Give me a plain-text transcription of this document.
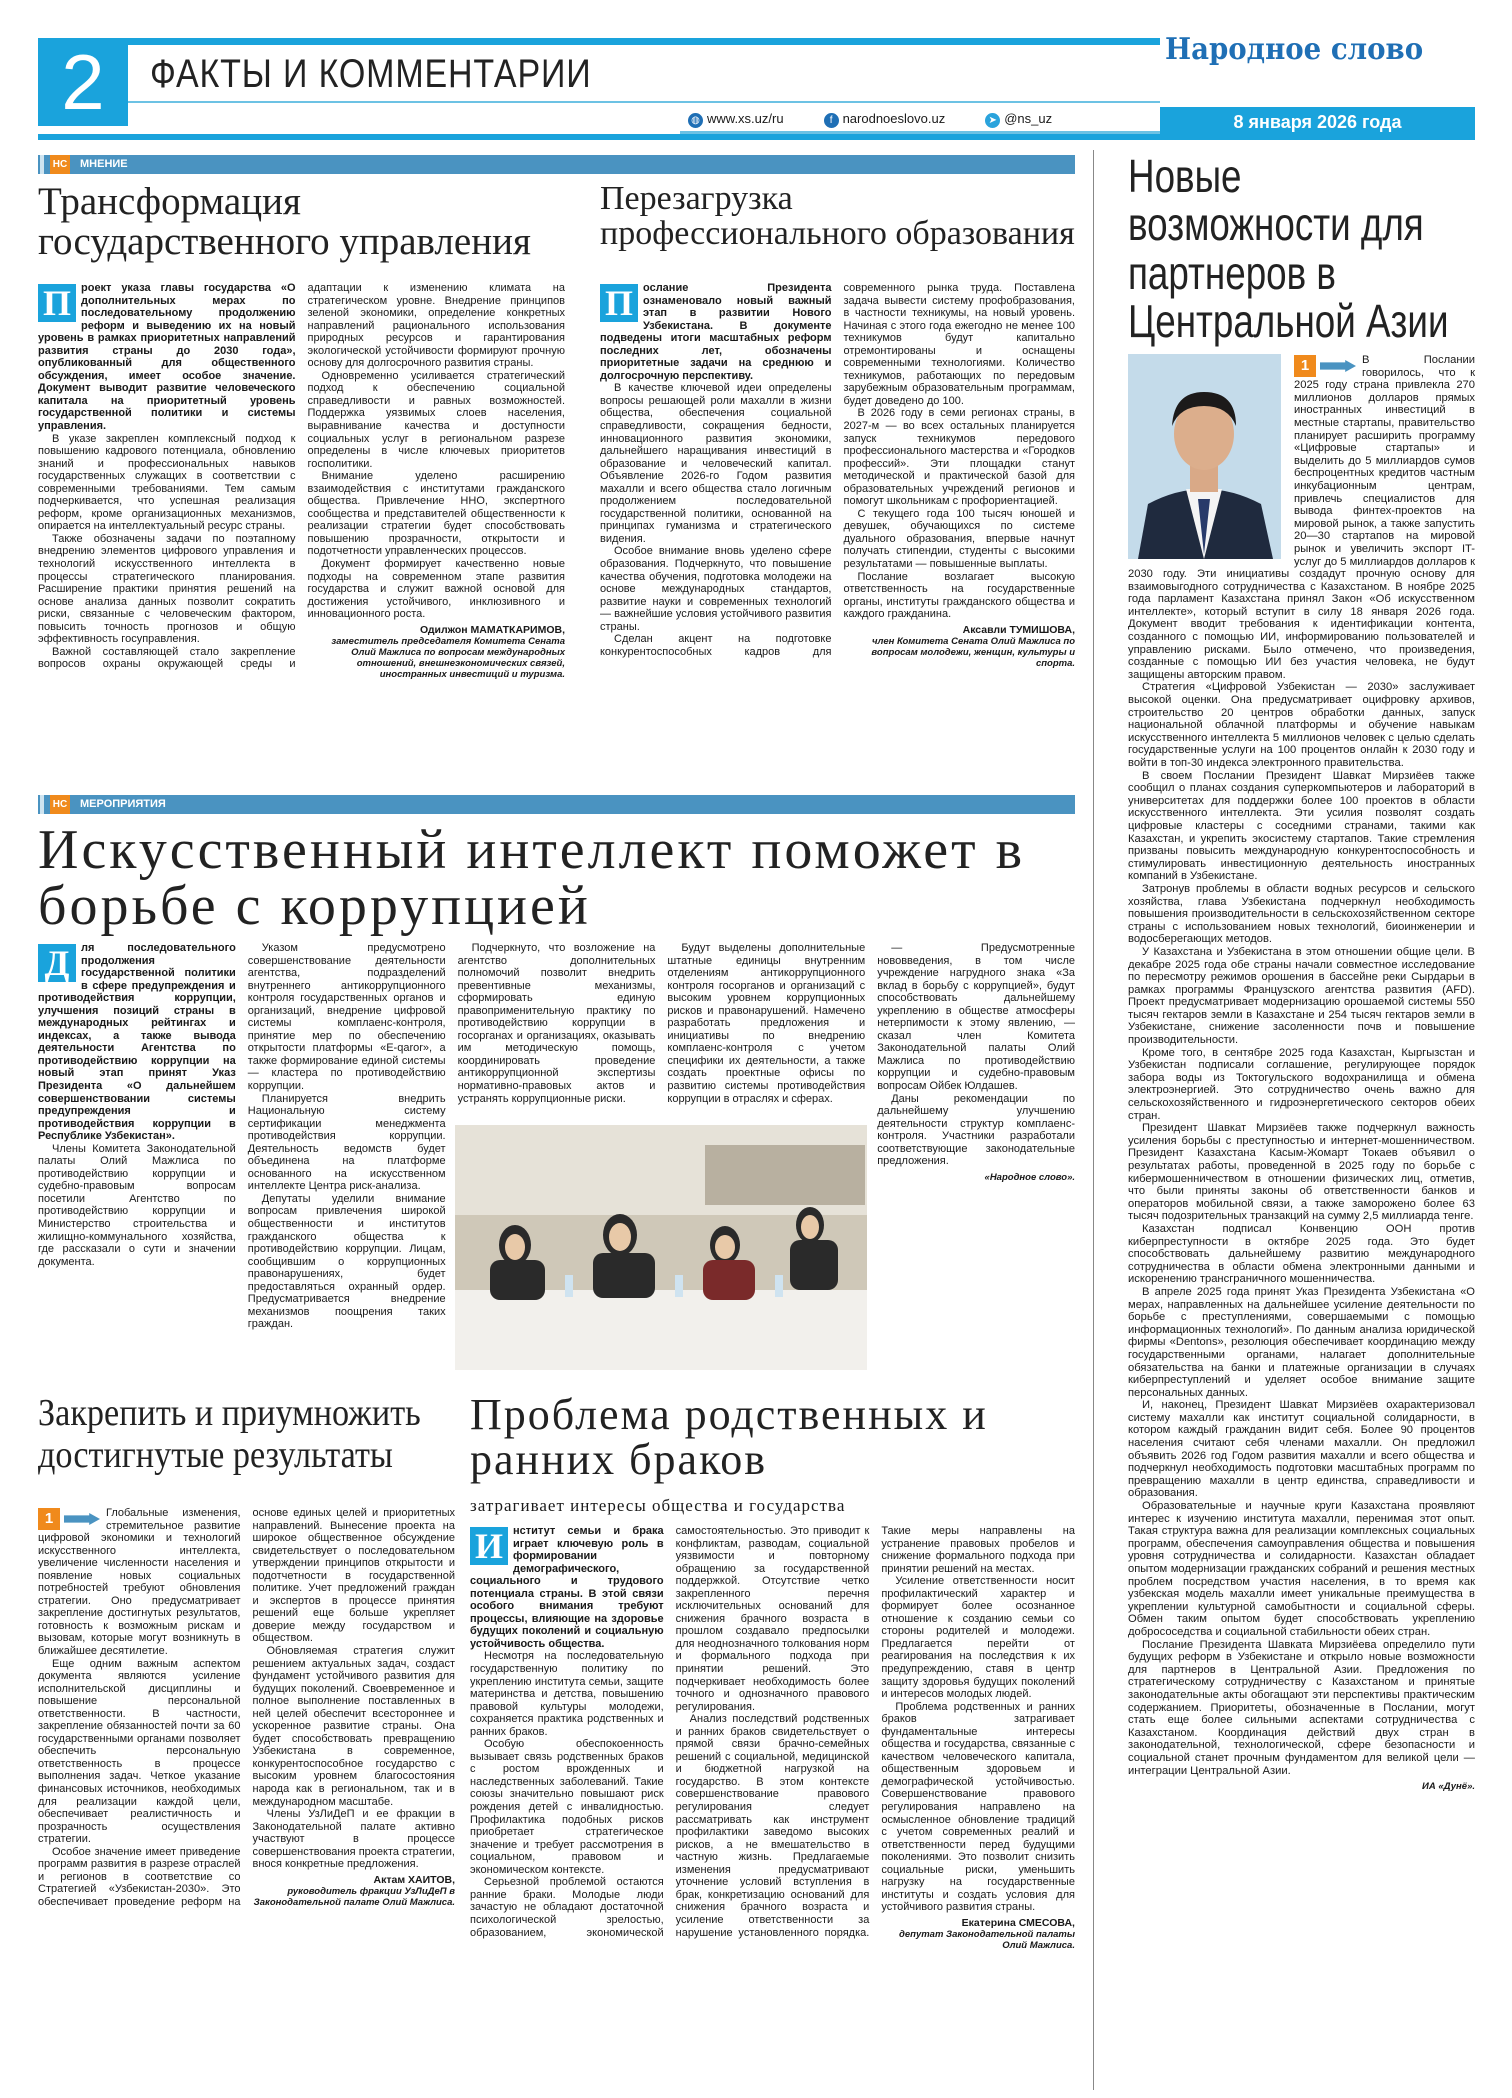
2	ФАКТЫ И КОММЕНТАРИИ
Народное слово
◍ www.xs.uz/ru	f narodnoeslovo.uz	➤ @ns_uz	8 января 2026 года
НС МНЕНИЕ
Трансформация государственного управления

П роект указа главы государства «О дополнительных мерах по последовательному продолжению реформ и выведению их на новый уровень в рамках приоритетных направлений развития страны до 2030 года», опубликованный для общественного обсуждения, имеет особое значение. Документ выводит развитие человеческого капитала на приоритетный уровень государственной политики и системы управления.

В указе закреплен комплексный подход к повышению кадрового потенциала, обновлению знаний и профессиональных навыков государственных служащих в соответствии с современными требованиями. Тем самым подчеркивается, что успешная реализация реформ, кроме организационных механизмов, опирается на интеллектуальный ресурс страны.

Также обозначены задачи по поэтапному внедрению элементов цифрового управления и технологий искусственного интеллекта в процессы стратегического планирования. Расширение практики принятия решений на основе анализа данных позволит сократить риски, связанные с человеческим фактором, повысить точность прогнозов и общую эффективность госуправления.

Важной составляющей стало закрепление вопросов охраны окружающей среды и адаптации к изменению климата на стратегическом уровне. Внедрение принципов зеленой экономики, определение конкретных направлений рационального использования природных ресурсов и гарантирования экологической устойчивости формируют прочную основу для долгосрочного развития страны.

Одновременно усиливается стратегический подход к обеспечению социальной справедливости и равных возможностей. Поддержка уязвимых слоев населения, выравнивание качества и доступности социальных услуг в региональном разрезе определены в числе ключевых приоритетов госполитики.

Внимание уделено расширению взаимодействия с институтами гражданского общества. Привлечение ННО, экспертного сообщества и представителей общественности к реализации стратегии будет способствовать повышению прозрачности, открытости и подотчетности управленческих процессов.

Документ формирует качественно новые подходы на современном этапе развития государства и служит важной основой для достижения устойчивого, инклюзивного и инновационного роста.

Одилжон МАМАТКАРИМОВ,
заместитель председателя Комитета Сената Олий Мажлиса по вопросам международных отношений, внешнеэкономических связей, иностранных инвестиций и туризма.

Перезагрузка профессионального образования

П ослание Президента ознаменовало новый важный этап в развитии Нового Узбекистана. В документе подведены итоги масштабных реформ последних лет, обозначены приоритетные задачи на среднюю и долгосрочную перспективу.

В качестве ключевой идеи определены вопросы решающей роли махалли в жизни общества, обеспечения социальной справедливости, сокращения бедности, инновационного развития экономики, дальнейшего наращивания инвестиций в образование и человеческий капитал. Объявление 2026-го Годом развития махалли и всего общества стало логичным продолжением последовательной государственной политики, основанной на принципах гуманизма и стратегического видения.

Особое внимание вновь уделено сфере образования. Подчеркнуто, что повышение качества обучения, подготовка молодежи на основе международных стандартов, развитие науки и современных технологий — важнейшие условия устойчивого развития страны.

Сделан акцент на подготовке конкурентоспособных кадров для современного рынка труда. Поставлена задача вывести систему профобразования, в частности техникумы, на новый уровень. Начиная с этого года ежегодно не менее 100 техникумов будут капитально отремонтированы и оснащены современными технологиями. Количество техникумов, работающих по передовым зарубежным образовательным программам, будет доведено до 100.

В 2026 году в семи регионах страны, в 2027-м — во всех остальных планируется запуск техникумов передового профессионального мастерства и «Городков профессий». Эти площадки станут методической и практической базой для образовательных учреждений регионов и помогут школьникам с профориентацией.

С текущего года 100 тысяч юношей и девушек, обучающихся по системе дуального образования, впервые начнут получать стипендии, студенты с высокими результатами — повышенные выплаты.

Послание возлагает высокую ответственность на государственные органы, институты гражданского общества и каждого гражданина.

Аксавли ТУМИШОВА,
член Комитета Сената Олий Мажлиса по вопросам молодежи, женщин, культуры и спорта.

НС МЕРОПРИЯТИЯ
Искусственный интеллект поможет в борьбе с коррупцией

Д	ля последовательного продолжения государственной политики в сфере предупреждения и противодействия коррупции, улучшения позиций страны в международных рейтингах и индексах, а также вывода деятельности Агентства по противодействию коррупции на новый этап принят Указ Президента «О дальнейшем совершенствовании системы предупреждения и противодействия коррупции в Республике Узбекистан».

Члены Комитета Законодательной палаты Олий Мажлиса по противодействию коррупции и судебно-правовым вопросам посетили Агентство по противодействию коррупции и Министерство строительства и жилищно-коммунального хозяйства, где рассказали о сути и значении документа.

Указом предусмотрено совершенствование деятельности агентства, подразделений внутреннего антикоррупционного контроля государственных органов и организаций, внедрение цифровой системы комплаенс-контроля, принятие мер по обеспечению открытости платформы «E-qaror», а также формирование единой системы — кластера по противодействию коррупции.

Планируется внедрить Национальную систему сертификации менеджмента противодействия коррупции. Деятельность ведомств будет объединена на платформе основанного на искусственном интеллекте Центра риск-анализа.

Депутаты уделили внимание вопросам привлечения широкой общественности и институтов гражданского общества к противодействию коррупции. Лицам, сообщившим о коррупционных правонарушениях, будет предоставляться охранный ордер. Предусматривается внедрение механизмов поощрения таких граждан.

Подчеркнуто, что возложение на агентство дополнительных полномочий позволит внедрить превентивные механизмы, сформировать единую правоприменительную практику по противодействию коррупции в госорганах и организациях, оказывать им методическую помощь, координировать проведение антикоррупционной экспертизы нормативно-правовых актов и устранять коррупционные риски.

Будут выделены дополнительные штатные единицы внутренним отделениям антикоррупционного контроля госорганов и организаций с высоким уровнем коррупционных рисков и правонарушений. Намечено разработать предложения и инициативы по внедрению комплаенс-контроля с учетом специфики их деятельности, а также создать проектные офисы по развитию системы противодействия коррупции в отраслях и сферах.

— Предусмотренные нововведения, в том числе учреждение нагрудного знака «За вклад в борьбу с коррупцией», будут способствовать дальнейшему укреплению в обществе атмосферы нетерпимости к этому явлению, — сказал член Комитета Законодательной палаты Олий Мажлиса по противодействию коррупции и судебно-правовым вопросам Ойбек Юлдашев.

Даны рекомендации по дальнейшему улучшению деятельности структур комплаенс-контроля. Участники разработали соответствующие законодательные предложения.

«Народное слово».

Закрепить и приумножить достигнутые результаты

1	Глобальные изменения, стремительное развитие цифровой экономики и технологий искусственного интеллекта, увеличение численности населения и появление новых социальных потребностей требуют обновления стратегии. Оно предусматривает закрепление достигнутых результатов, готовность к возможным рискам и вызовам, которые могут возникнуть в ближайшее десятилетие.

Еще одним важным аспектом документа являются усиление исполнительской дисциплины и повышение персональной ответственности. В частности, закрепление обязанностей почти за 60 государственными органами позволяет обеспечить персональную ответственность в процессе выполнения задач. Четкое указание финансовых источников, необходимых для реализации каждой цели, обеспечивает реалистичность и прозрачность осуществления стратегии.

Особое значение имеет приведение программ развития в разрезе отраслей и регионов в соответствие со Стратегией «Узбекистан-2030». Это обеспечивает проведение реформ на основе единых целей и приоритетных направлений. Вынесение проекта на широкое общественное обсуждение свидетельствует о последовательном утверждении принципов открытости и подотчетности в государственной политике. Учет предложений граждан и экспертов в процессе принятия решений еще больше укрепляет доверие между государством и обществом.

Обновляемая стратегия служит решением актуальных задач, создаст фундамент устойчивого развития для будущих поколений. Своевременное и полное выполнение поставленных в ней целей обеспечит всестороннее и ускоренное развитие страны. Она будет способствовать превращению Узбекистана в современное, конкурентоспособное государство с высоким уровнем благосостояния народа как в региональном, так и в международном масштабе.

Члены УзЛиДеП и ее фракции в Законодательной палате активно участвуют в процессе совершенствования проекта стратегии, внося конкретные предложения.

Актам ХАИТОВ,
руководитель фракции УзЛиДеП в Законодательной палате Олий Мажлиса.

Проблема родственных и ранних браков
затрагивает интересы общества и государства

И нститут семьи и брака играет ключевую роль в формировании демографического, социального и трудового потенциала страны. В этой связи особого внимания требуют процессы, влияющие на здоровье будущих поколений и социальную устойчивость общества.

Несмотря на последовательную государственную политику по укреплению института семьи, защите материнства и детства, повышению правовой культуры молодежи, сохраняется практика родственных и ранних браков.

Особую обеспокоенность вызывает связь родственных браков с ростом врожденных и наследственных заболеваний. Такие союзы значительно повышают риск рождения детей с инвалидностью. Профилактика подобных рисков приобретает стратегическое значение и требует рассмотрения в социальном, правовом и экономическом контексте.

Серьезной проблемой остаются ранние браки. Молодые люди зачастую не обладают достаточной психологической зрелостью, образованием, экономической самостоятельностью. Это приводит к конфликтам, разводам, социальной уязвимости и повторному обращению за государственной поддержкой. Отсутствие четко закрепленного перечня исключительных оснований для снижения брачного возраста в прошлом создавало предпосылки для неоднозначного толкования норм и формального подхода при принятии решений. Это подчеркивает необходимость более точного и однозначного правового регулирования.

Анализ последствий родственных и ранних браков свидетельствует о прямой связи брачно-семейных решений с социальной, медицинской и бюджетной нагрузкой на государство. В этом контексте совершенствование правового регулирования следует рассматривать как инструмент профилактики заведомо высоких рисков, а не вмешательство в частную жизнь. Предлагаемые изменения предусматривают уточнение условий вступления в брак, конкретизацию оснований для снижения брачного возраста и усиление ответственности за нарушение установленного порядка. Такие меры направлены на устранение правовых пробелов и снижение формального подхода при принятии решений на местах.

Усиление ответственности носит профилактический характер и формирует более осознанное отношение к созданию семьи со стороны родителей и молодежи. Предлагается перейти от реагирования на последствия к их предупреждению, ставя в центр защиту здоровья будущих поколений и интересов молодых людей.

Проблема родственных и ранних браков затрагивает фундаментальные интересы общества и государства, связанные с качеством человеческого капитала, общественным здоровьем и демографической устойчивостью. Совершенствование правового регулирования направлено на осмысленное обновление традиций с учетом современных реалий и ответственности перед будущими поколениями. Это позволит снизить социальные риски, уменьшить нагрузку на государственные институты и создать условия для устойчивого развития страны.

Екатерина СМЕСОВА,
депутат Законодательной палаты Олий Мажлиса.

Новые возможности для партнеров в Центральной Азии

1	В Послании говорилось, что к 2025 году страна привлекла 270 миллионов долларов прямых иностранных инвестиций в местные стартапы, правительство планирует расширить программу «Цифровые стартапы» и выделить до 5 миллиардов сумов беспроцентных кредитов частным инкубационным центрам, привлечь специалистов для вывода финтех-проектов на мировой рынок, а также запустить 20—30 стартапов на мировой рынок и увеличить экспорт IT-услуг до 5 миллиардов долларов к 2030 году. Эти инициативы создадут прочную основу для взаимовыгодного сотрудничества с Казахстаном. В ноябре 2025 года парламент Казахстана принял Закон «Об искусственном интеллекте», который вступит в силу 18 января 2026 года. Документ вводит требования к идентификации контента, созданного с помощью ИИ, информированию пользователей и управлению рисками. Было отмечено, что произведения, созданные с помощью ИИ без участия человека, не будут защищены авторским правом.

Стратегия «Цифровой Узбекистан — 2030» заслуживает высокой оценки. Она предусматривает оцифровку архивов, строительство 20 центров обработки данных, запуск национальной облачной платформы и обучение навыкам искусственного интеллекта 5 миллионов человек с целью сделать государственные услуги на 100 процентов онлайн к 2030 году и войти в топ-30 индекса электронного правительства.

В своем Послании Президент Шавкат Мирзиёев также сообщил о планах создания суперкомпьютеров и лабораторий в университетах для поддержки более 100 проектов в области искусственного интеллекта. Эти усилия позволят создать цифровые кластеры с соседними странами, такими как Казахстан, и укрепить экосистему стартапов. Такие стремления призваны повысить международную конкурентоспособность и стимулировать инвестиционную деятельность иностранных компаний в Узбекистане.

Затронув проблемы в области водных ресурсов и сельского хозяйства, глава Узбекистана подчеркнул необходимость повышения производительности в сельскохозяйственном секторе страны с использованием новых технологий, биоинженерии и водосберегающих методов.

У Казахстана и Узбекистана в этом отношении общие цели. В декабре 2025 года обе страны начали совместное исследование по пересмотру режимов орошения в бассейне реки Сырдарьи в рамках программы Французского агентства развития (AFD). Проект предусматривает модернизацию орошаемой системы 550 тысяч гектаров земли в Казахстане и 254 тысяч гектаров земли в Узбекистане, снижение засоленности почв и повышение производительности.

Кроме того, в сентябре 2025 года Казахстан, Кыргызстан и Узбекистан подписали соглашение, регулирующее порядок забора воды из Токтогульского водохранилища и обмена электроэнергией. Это сотрудничество очень важно для сельскохозяйственного и гидроэнергетического секторов обеих стран.

Президент Шавкат Мирзиёев также подчеркнул важность усиления борьбы с преступностью и интернет-мошенничеством. Президент Казахстана Касым-Жомарт Токаев объявил о результатах работы, проведенной в 2025 году по борьбе с кибермошенничеством в отношении физических лиц, отметив, что были приняты законы об ответственности банков и операторов мобильной связи, а также заморожено более 63 тысяч подозрительных транзакций на сумму 2,5 миллиарда тенге.

Казахстан подписал Конвенцию ООН против киберпреступности в октябре 2025 года. Это будет способствовать дальнейшему развитию международного сотрудничества в области обмена электронными данными и искоренению трансграничного мошенничества.

В апреле 2025 года принят Указ Президента Узбекистана «О мерах, направленных на дальнейшее усиление деятельности по борьбе с преступлениями, совершаемыми с помощью информационных технологий». По данным анализа юридической фирмы «Dentons», резолюция обеспечивает координацию между государственными органами, налагает дополнительные обязательства на банки и платежные организации в случаях киберпреступлений и уделяет особое внимание защите персональных данных.

И, наконец, Президент Шавкат Мирзиёев охарактеризовал систему махалли как институт социальной солидарности, в котором каждый гражданин видит себя. Более 90 процентов населения считают себя членами махалли. Он предложил объявить 2026 год Годом развития махалли и всего общества и подчеркнул необходимость подготовки масштабных программ по превращению махалли в центр единства, справедливости и образования.

Образовательные и научные круги Казахстана проявляют интерес к изучению института махалли, перенимая этот опыт. Такая структура важна для реализации комплексных социальных программ, обеспечения самоуправления общества и повышения уровня сотрудничества и солидарности. Казахстан обладает опытом модернизации гражданских собраний и решения местных проблем посредством участия населения, в то время как узбекская модель махалли имеет уникальные преимущества в укреплении культурной самобытности и социальной сферы. Обмен таким опытом будет способствовать укреплению добрососедства и социальной стабильности обеих стран.

Послание Президента Шавката Мирзиёева определило пути будущих реформ в Узбекистане и открыло новые возможности для партнеров в Центральной Азии. Предложения по стратегическому сотрудничеству с Казахстаном и принятые законодательные акты обогащают эти перспективы практическим содержанием. Приоритеты, обозначенные в Послании, могут стать еще более сильными аспектами сотрудничества с Казахстаном. Координация действий двух стран в законодательной, технологической, сфере безопасности и социальной станет прочным фундаментом для великой цели — интеграции Центральной Азии.

ИА «Дунё».
